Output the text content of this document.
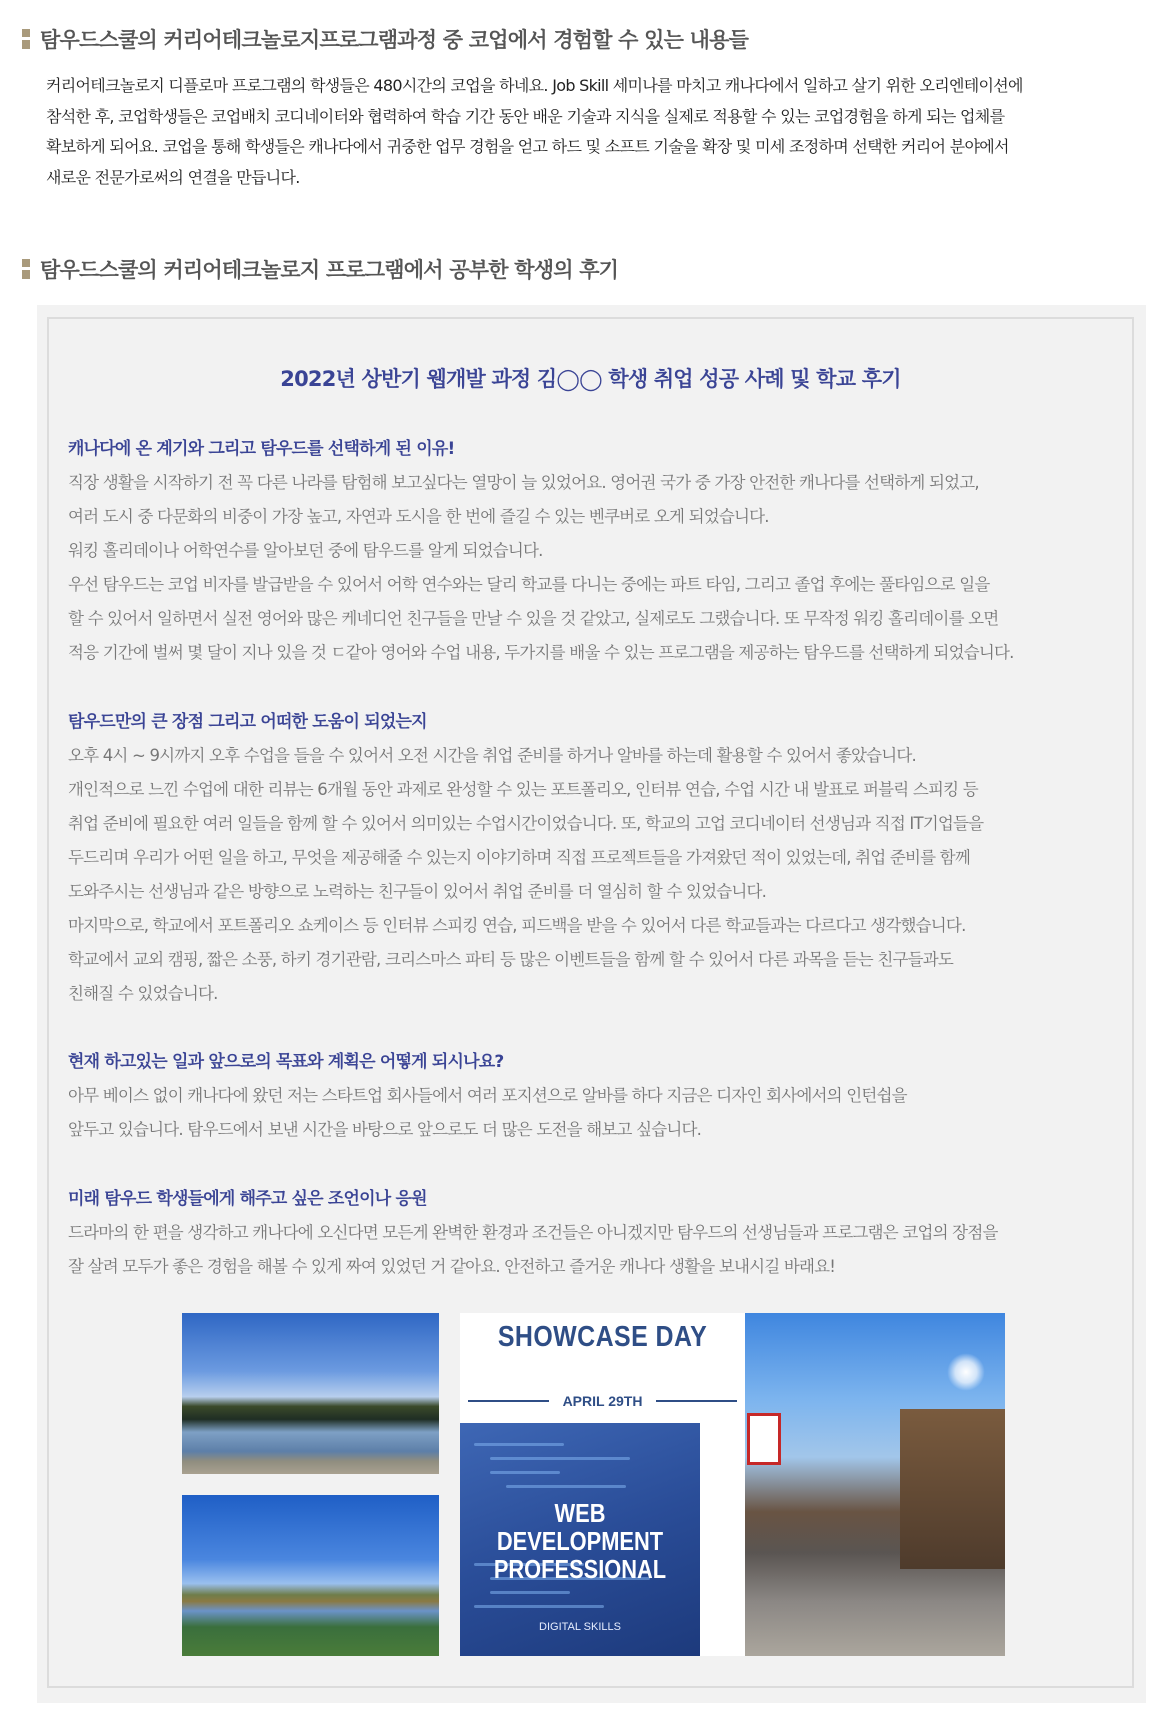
탐우드스쿨의 커리어테크놀로지프로그램과정 중 코업에서 경험할 수 있는 내용들

커리어테크놀로지 디플로마 프로그램의 학생들은 480시간의 코업을 하네요. Job Skill 세미나를 마치고 캐나다에서 일하고 살기 위한 오리엔테이션에

참석한 후, 코업학생들은 코업배치 코디네이터와 협력하여 학습 기간 동안 배운 기술과 지식을 실제로 적용할 수 있는 코업경험을 하게 되는 업체를

확보하게 되어요. 코업을 통해 학생들은 캐나다에서 귀중한 업무 경험을 얻고 하드 및 소프트 기술을 확장 및 미세 조정하며 선택한 커리어 분야에서

새로운 전문가로써의 연결을 만듭니다.

탐우드스쿨의 커리어테크놀로지 프로그램에서 공부한 학생의 후기
2022년 상반기 웹개발 과정 김◯◯ 학생 취업 성공 사례 및 학교 후기
캐나다에 온 계기와 그리고 탐우드를 선택하게 된 이유!

직장 생활을 시작하기 전 꼭 다른 나라를 탐험해 보고싶다는 열망이 늘 있었어요. 영어권 국가 중 가장 안전한 캐나다를 선택하게 되었고,

여러 도시 중 다문화의 비중이 가장 높고, 자연과 도시을 한 번에 즐길 수 있는 벤쿠버로 오게 되었습니다.

워킹 홀리데이나 어학연수를 알아보던 중에 탐우드를 알게 되었습니다.

우선 탐우드는 코업 비자를 발급받을 수 있어서 어학 연수와는 달리 학교를 다니는 중에는 파트 타임, 그리고 졸업 후에는 풀타임으로 일을

할 수 있어서 일하면서 실전 영어와 많은 케네디언 친구들을 만날 수 있을 것 같았고, 실제로도 그랬습니다. 또 무작정 워킹 홀리데이를 오면

적응 기간에 벌써 몇 달이 지나 있을 것 ㄷ같아 영어와 수업 내용, 두가지를 배울 수 있는 프로그램을 제공하는 탐우드를 선택하게 되었습니다.

탐우드만의 큰 장점 그리고 어떠한 도움이 되었는지

오후 4시 ~ 9시까지 오후 수업을 들을 수 있어서 오전 시간을 취업 준비를 하거나 알바를 하는데 활용할 수 있어서 좋았습니다.

개인적으로 느낀 수업에 대한 리뷰는 6개월 동안 과제로 완성할 수 있는 포트폴리오, 인터뷰 연습, 수업 시간 내 발표로 퍼블릭 스피킹 등

취업 준비에 필요한 여러 일들을 함께 할 수 있어서 의미있는 수업시간이었습니다. 또, 학교의 고업 코디네이터 선생님과 직접 IT기업들을

두드리며 우리가 어떤 일을 하고, 무엇을 제공해줄 수 있는지 이야기하며 직접 프로젝트들을 가져왔던 적이 있었는데, 취업 준비를 함께

도와주시는 선생님과 같은 방향으로 노력하는 친구들이 있어서 취업 준비를 더 열심히 할 수 있었습니다.

마지막으로, 학교에서 포트폴리오 쇼케이스 등 인터뷰 스피킹 연습, 피드백을 받을 수 있어서 다른 학교들과는 다르다고 생각했습니다.

학교에서 교외 캠핑, 짧은 소풍, 하키 경기관람, 크리스마스 파티 등 많은 이벤트들을 함께 할 수 있어서 다른 과목을 듣는 친구들과도

친해질 수 있었습니다.

현재 하고있는 일과 앞으로의 목표와 계획은 어떻게 되시나요?

아무 베이스 없이 캐나다에 왔던 저는 스타트업 회사들에서 여러 포지션으로 알바를 하다 지금은 디자인 회사에서의 인턴쉽을

앞두고 있습니다. 탐우드에서 보낸 시간을 바탕으로 앞으로도 더 많은 도전을 해보고 싶습니다.

미래 탐우드 학생들에게 해주고 싶은 조언이나 응원

드라마의 한 편을 생각하고 캐나다에 오신다면 모든게 완벽한 환경과 조건들은 아니겠지만 탐우드의 선생님들과 프로그램은 코업의 장점을

잘 살려 모두가 좋은 경험을 해볼 수 있게 짜여 있었던 거 같아요. 안전하고 즐거운 캐나다 생활을 보내시길 바래요!

SHOWCASE DAY
APRIL 29TH
WEB DEVELOPMENT PROFESSIONAL
DIGITAL SKILLS
